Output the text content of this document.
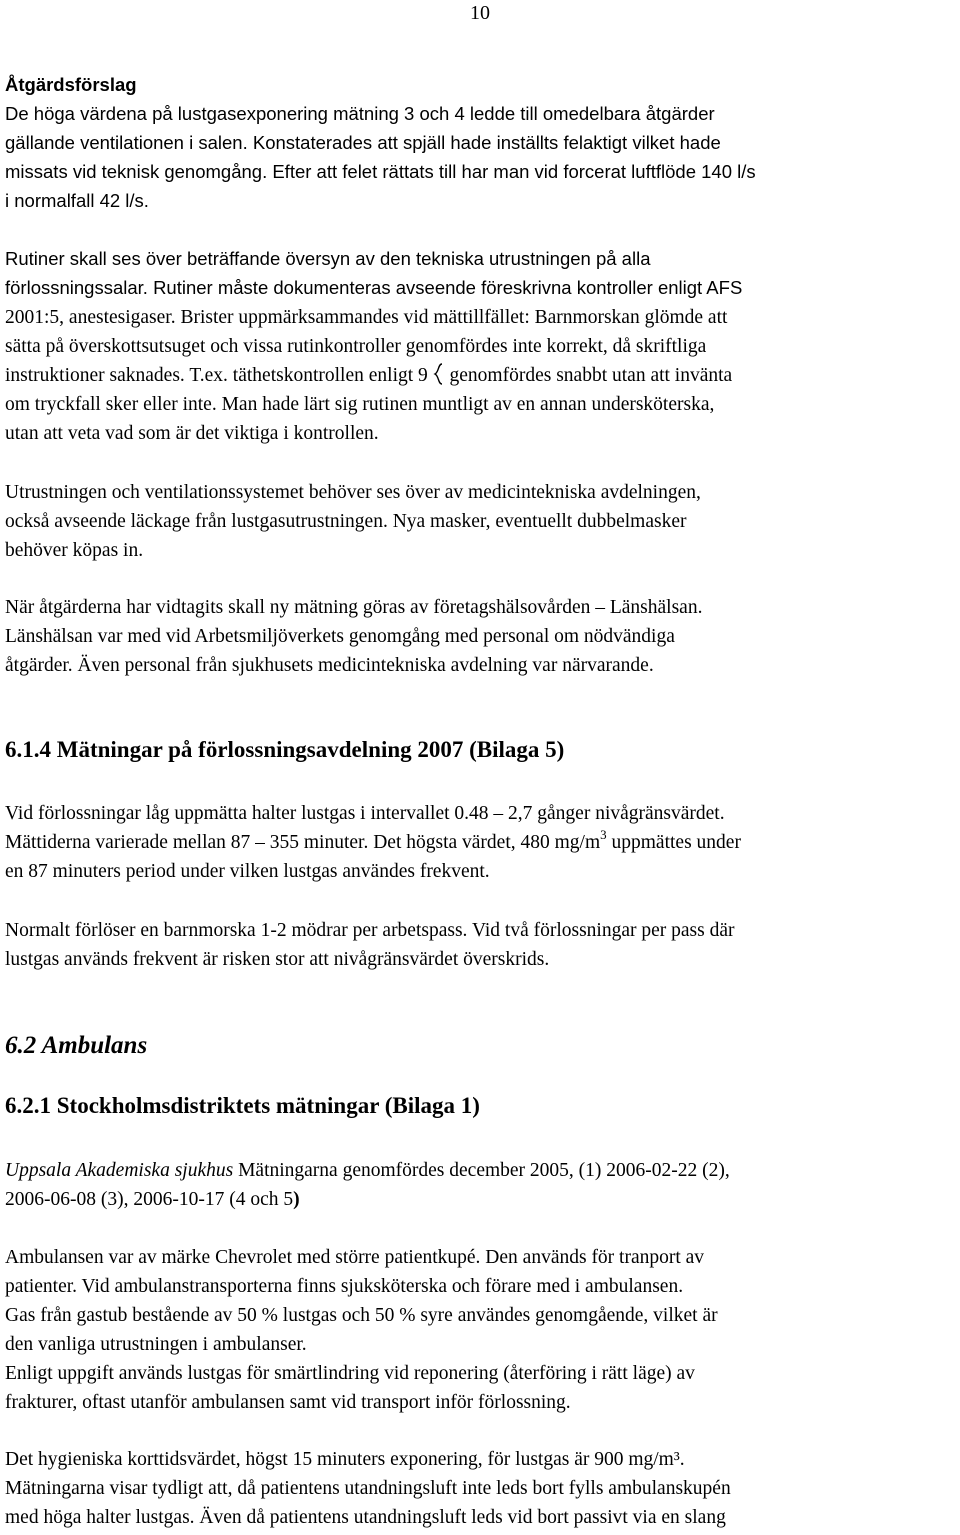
10

Åtgärdsförslag

De höga värdena på lustgasexponering mätning 3 och 4 ledde till omedelbara åtgärder

gällande ventilationen i salen. Konstaterades att spjäll hade inställts felaktigt vilket hade

missats vid teknisk genomgång. Efter att felet rättats till har man vid forcerat luftflöde 140 l/s

i normalfall 42 l/s.

Rutiner skall ses över beträffande översyn av den tekniska utrustningen på alla

förlossningssalar. Rutiner måste dokumenteras avseende föreskrivna kontroller enligt AFS

2001:5, anestesigaser. Brister uppmärksammandes vid mättillfället: Barnmorskan glömde att

sätta på överskottsutsuget och vissa rutinkontroller genomfördes inte korrekt, då skriftliga

instruktioner saknades. T.ex. täthetskontrollen enligt 9  genomfördes snabbt utan att invänta

om tryckfall sker eller inte. Man hade lärt sig rutinen muntligt av en annan undersköterska,

utan att veta vad som är det viktiga i kontrollen.

Utrustningen och ventilationssystemet behöver ses över av medicintekniska avdelningen,

också avseende läckage från lustgasutrustningen. Nya masker, eventuellt dubbelmasker

behöver köpas in.

När åtgärderna har vidtagits skall ny mätning göras av företagshälsovården – Länshälsan.

Länshälsan var med vid Arbetsmiljöverkets genomgång med personal om nödvändiga

åtgärder. Även personal från sjukhusets medicintekniska avdelning var närvarande.

6.1.4 Mätningar på förlossningsavdelning 2007 (Bilaga 5)

Vid förlossningar låg uppmätta halter lustgas i intervallet 0.48 – 2,7 gånger nivågränsvärdet.

Mättiderna varierade mellan 87 – 355 minuter. Det högsta värdet, 480 $mg/m^3$ uppmättes under

en 87 minuters period under vilken lustgas användes frekvent.

Normalt förlöser en barnmorska 1-2 mödrar per arbetspass. Vid två förlossningar per pass där

lustgas används frekvent är risken stor att nivågränsvärdet överskrids.

6.2 Ambulans

6.2.1 Stockholmsdistriktets mätningar (Bilaga 1)

Uppsala Akademiska sjukhus Mätningarna genomfördes december 2005, (1) 2006-02-22 (2),

2006-06-08 (3), 2006-10-17 (4 och 5)

Ambulansen var av märke Chevrolet med större patientkupé. Den används för tranport av

patienter. Vid ambulanstransporterna finns sjuksköterska och förare med i ambulansen.

Gas från gastub bestående av 50 % lustgas och 50 % syre användes genomgående, vilket är

den vanliga utrustningen i ambulanser.

Enligt uppgift används lustgas för smärtlindring vid reponering (återföring i rätt läge) av

frakturer, oftast utanför ambulansen samt vid transport inför förlossning.

Det hygieniska korttidsvärdet, högst 15 minuters exponering, för lustgas är 900 mg/m³.

Mätningarna visar tydligt att, då patientens utandningsluft inte leds bort fylls ambulanskupén

med höga halter lustgas. Även då patientens utandningsluft leds vid bort passivt via en slang
